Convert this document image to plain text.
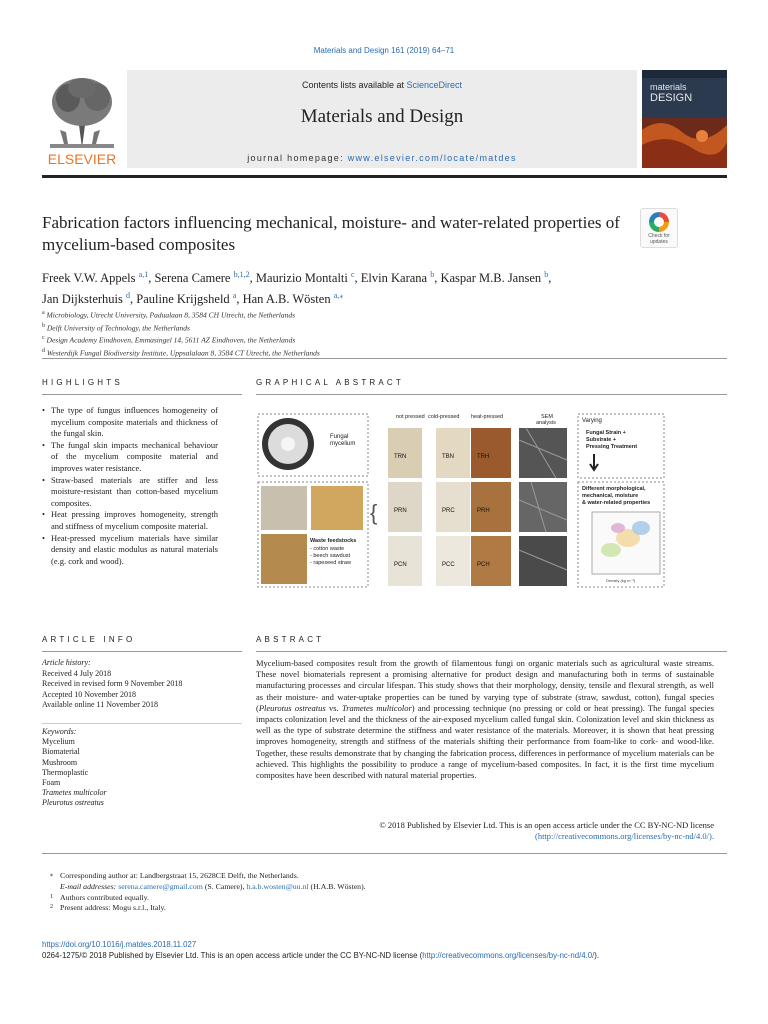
Materials and Design 161 (2019) 64–71
ELSEVIER
Contents lists available at ScienceDirect
Materials and Design
journal homepage: www.elsevier.com/locate/matdes
materials
DESIGN
Fabrication factors influencing mechanical, moisture- and water-related properties of mycelium-based composites	Check for
updates
Freek V.W. Appels $^{a,1}$, Serena Camere $^{b,1,2}$, Maurizio Montalti $^c$, Elvin Karana $^b$, Kaspar M.B. Jansen $^b$,
Jan Dijksterhuis $^d$, Pauline Krijgsheld $^a$, Han A.B. Wösten $^{a,⁎}$
$^a$ Microbiology, Utrecht University, Padualaan 8, 3584 CH Utrecht, the Netherlands
$^b$ Delft University of Technology, the Netherlands
$^c$ Design Academy Eindhoven, Emmasingel 14, 5611 AZ Eindhoven, the Netherlands
$^d$ Westerdijk Fungal Biodiversity Institute, Uppsalalaan 8, 3584 CT Utrecht, the Netherlands
HIGHLIGHTS
• The type of fungus influences homogeneity of mycelium composite materials and thickness of the fungal skin.
• The fungal skin impacts mechanical behaviour of the mycelium composite material and improves water resistance.
• Straw-based materials are stiffer and less moisture-resistant than cotton-based mycelium composites.
• Heat pressing improves homogeneity, strength and stiffness of mycelium composite material.
• Heat-pressed mycelium materials have similar density and elastic modulus as natural materials (e.g. cork and wood).
GRAPHICAL ABSTRACT
Fungal
mycelium
Waste feedstocks
- cotton waste
- beech sawdust
- rapeseed straw
{
not pressed cold-pressed heat-pressed	SEM
analysis
TRN	TBN	TRH
PRN	PRC	PRH
PCN	PCC	PCH
Varying
Fungal Strain +
Substrate +
Pressing Treatment
Different morphological,
mechanical, moisture
& water-related properties
Density (kg m⁻³)
ARTICLE INFO
Article history:
Received 4 July 2018
Received in revised form 9 November 2018
Accepted 10 November 2018
Available online 11 November 2018
Keywords:
Mycelium
Biomaterial
Mushroom
Thermoplastic
Foam
Trametes multicolor
Pleurotus ostreatus
ABSTRACT
Mycelium-based composites result from the growth of filamentous fungi on organic materials such as agricultural waste streams. These novel biomaterials represent a promising alternative for product design and manufacturing both in terms of sustainable manufacturing processes and circular lifespan. This study shows that their morphology, density, tensile and flexural strength, as well as their moisture- and water-uptake properties can be tuned by varying type of substrate (straw, sawdust, cotton), fungal species (Pleurotus ostreatus vs. Trametes multicolor) and processing technique (no pressing or cold or heat pressing). The fungal species impacts colonization level and the thickness of the air-exposed mycelium called fungal skin. Colonization level and skin thickness as well as the type of substrate determine the stiffness and water resistance of the materials. Moreover, it is shown that heat pressing improves homogeneity, strength and stiffness of the materials shifting their performance from foam-like to cork- and wood-like. Together, these results demonstrate that by changing the fabrication process, differences in performance of mycelium materials can be achieved. This highlights the possibility to produce a range of mycelium-based composites. In fact, it is the first time mycelium composites have been described with natural material properties.
© 2018 Published by Elsevier Ltd. This is an open access article under the CC BY-NC-ND license
(http://creativecommons.org/licenses/by-nc-nd/4.0/).
⁎ Corresponding author at: Landbergstraat 15, 2628CE Delft, the Netherlands.
E-mail addresses: serena.camere@gmail.com (S. Camere), h.a.b.wosten@uu.nl (H.A.B. Wösten).
1 Authors contributed equally.
2 Present address: Mogu s.r.l., Italy.
https://doi.org/10.1016/j.matdes.2018.11.027
0264-1275/© 2018 Published by Elsevier Ltd. This is an open access article under the CC BY-NC-ND license (http://creativecommons.org/licenses/by-nc-nd/4.0/).
